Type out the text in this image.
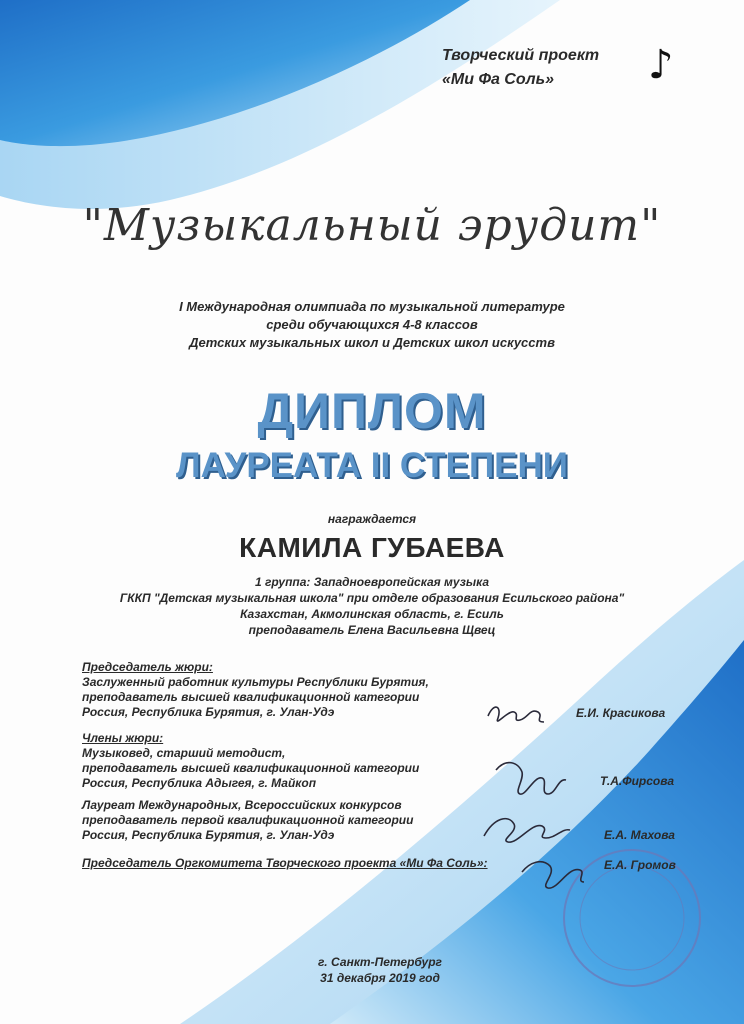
Творческий проект
«Ми Фа Соль»	♪
"Музыкальный эрудит"
I Международная олимпиада по музыкальной литературе
среди обучающихся 4-8 классов
Детских музыкальных школ и Детских школ искусств
ДИПЛОМ
ЛАУРЕАТА II СТЕПЕНИ
награждается
КАМИЛА ГУБАЕВА
1 группа: Западноевропейская музыка
ГККП "Детская музыкальная школа" при отделе образования Есильского района"
Казахстан, Акмолинская область, г. Есиль
преподаватель Елена Васильевна Щвец
Председатель жюри:
Заслуженный работник культуры Республики Бурятия,
преподаватель высшей квалификационной категории
Россия, Республика Бурятия, г. Улан-Удэ	Е.И. Красикова
Члены жюри:
Музыковед, старший методист,
преподаватель высшей квалификационной категории
Россия, Республика Адыгея, г. Майкоп	Т.А.Фирсова
Лауреат Международных, Всероссийских конкурсов
преподаватель первой квалификационной категории
Россия, Республика Бурятия, г. Улан-Удэ	Е.А. Махова
Председатель Оргкомитета Творческого проекта «Ми Фа Соль»:	Е.А. Громов
г. Санкт-Петербург
31 декабря 2019 год
